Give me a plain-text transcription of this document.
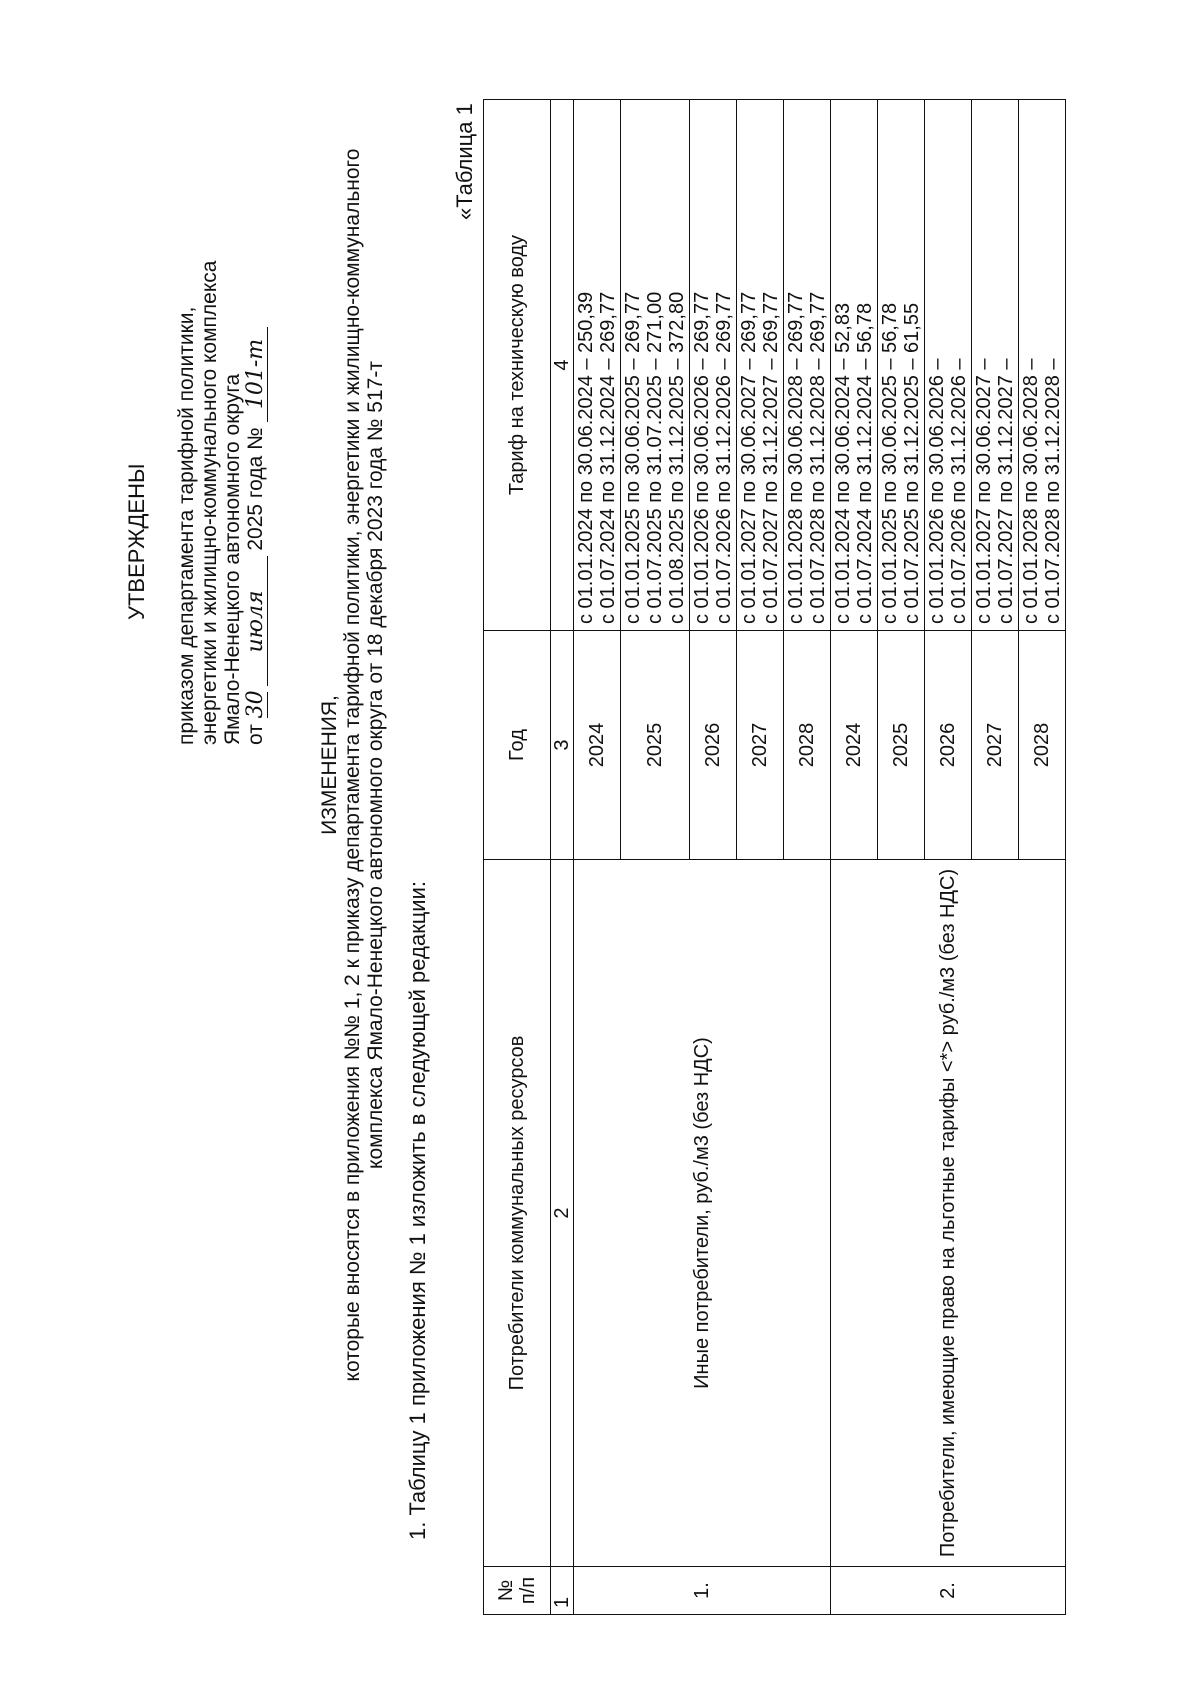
УТВЕРЖДЕНЫ приказом департамента тарифной политики, энергетики и жилищно-коммунального комплекса Ямало-Ненецкого автономного округа от 30 июля 2025 года № 101-т
ИЗМЕНЕНИЯ, которые вносятся в приложения №№ 1, 2 к приказу департамента тарифной политики, энергетики и жилищно-коммунального комплекса Ямало-Ненецкого автономного округа от 18 декабря 2023 года № 517-т
1. Таблицу 1 приложения № 1 изложить в следующей редакции:
«Таблица 1
№ п/п	Потребители коммунальных ресурсов	Год	Тариф на техническую воду
1	2	3	4
1.	Иные потребители, руб./м3 (без НДС)	2024	с 01.01.2024 по 30.06.2024 – 250,39 с 01.07.2024 по 31.12.2024 – 269,77

		2025	с 01.01.2025 по 30.06.2025 – 269,77 с 01.07.2025 по 31.07.2025 – 271,00 с 01.08.2025 по 31.12.2025 – 372,80

		2026	с 01.01.2026 по 30.06.2026 – 269,77 с 01.07.2026 по 31.12.2026 – 269,77

		2027	с 01.01.2027 по 30.06.2027 – 269,77 с 01.07.2027 по 31.12.2027 – 269,77

		2028	с 01.01.2028 по 30.06.2028 – 269,77 с 01.07.2028 по 31.12.2028 – 269,77

2.	Потребители, имеющие право на льготные тарифы <*> руб./м3 (без НДС)	2024	с 01.01.2024 по 30.06.2024 – 52,83 с 01.07.2024 по 31.12.2024 – 56,78

		2025	с 01.01.2025 по 30.06.2025 – 56,78 с 01.07.2025 по 31.12.2025 – 61,55

		2026	с 01.01.2026 по 30.06.2026 – с 01.07.2026 по 31.12.2026 –

		2027	с 01.01.2027 по 30.06.2027 – с 01.07.2027 по 31.12.2027 –

		2028	с 01.01.2028 по 30.06.2028 – с 01.07.2028 по 31.12.2028 –
